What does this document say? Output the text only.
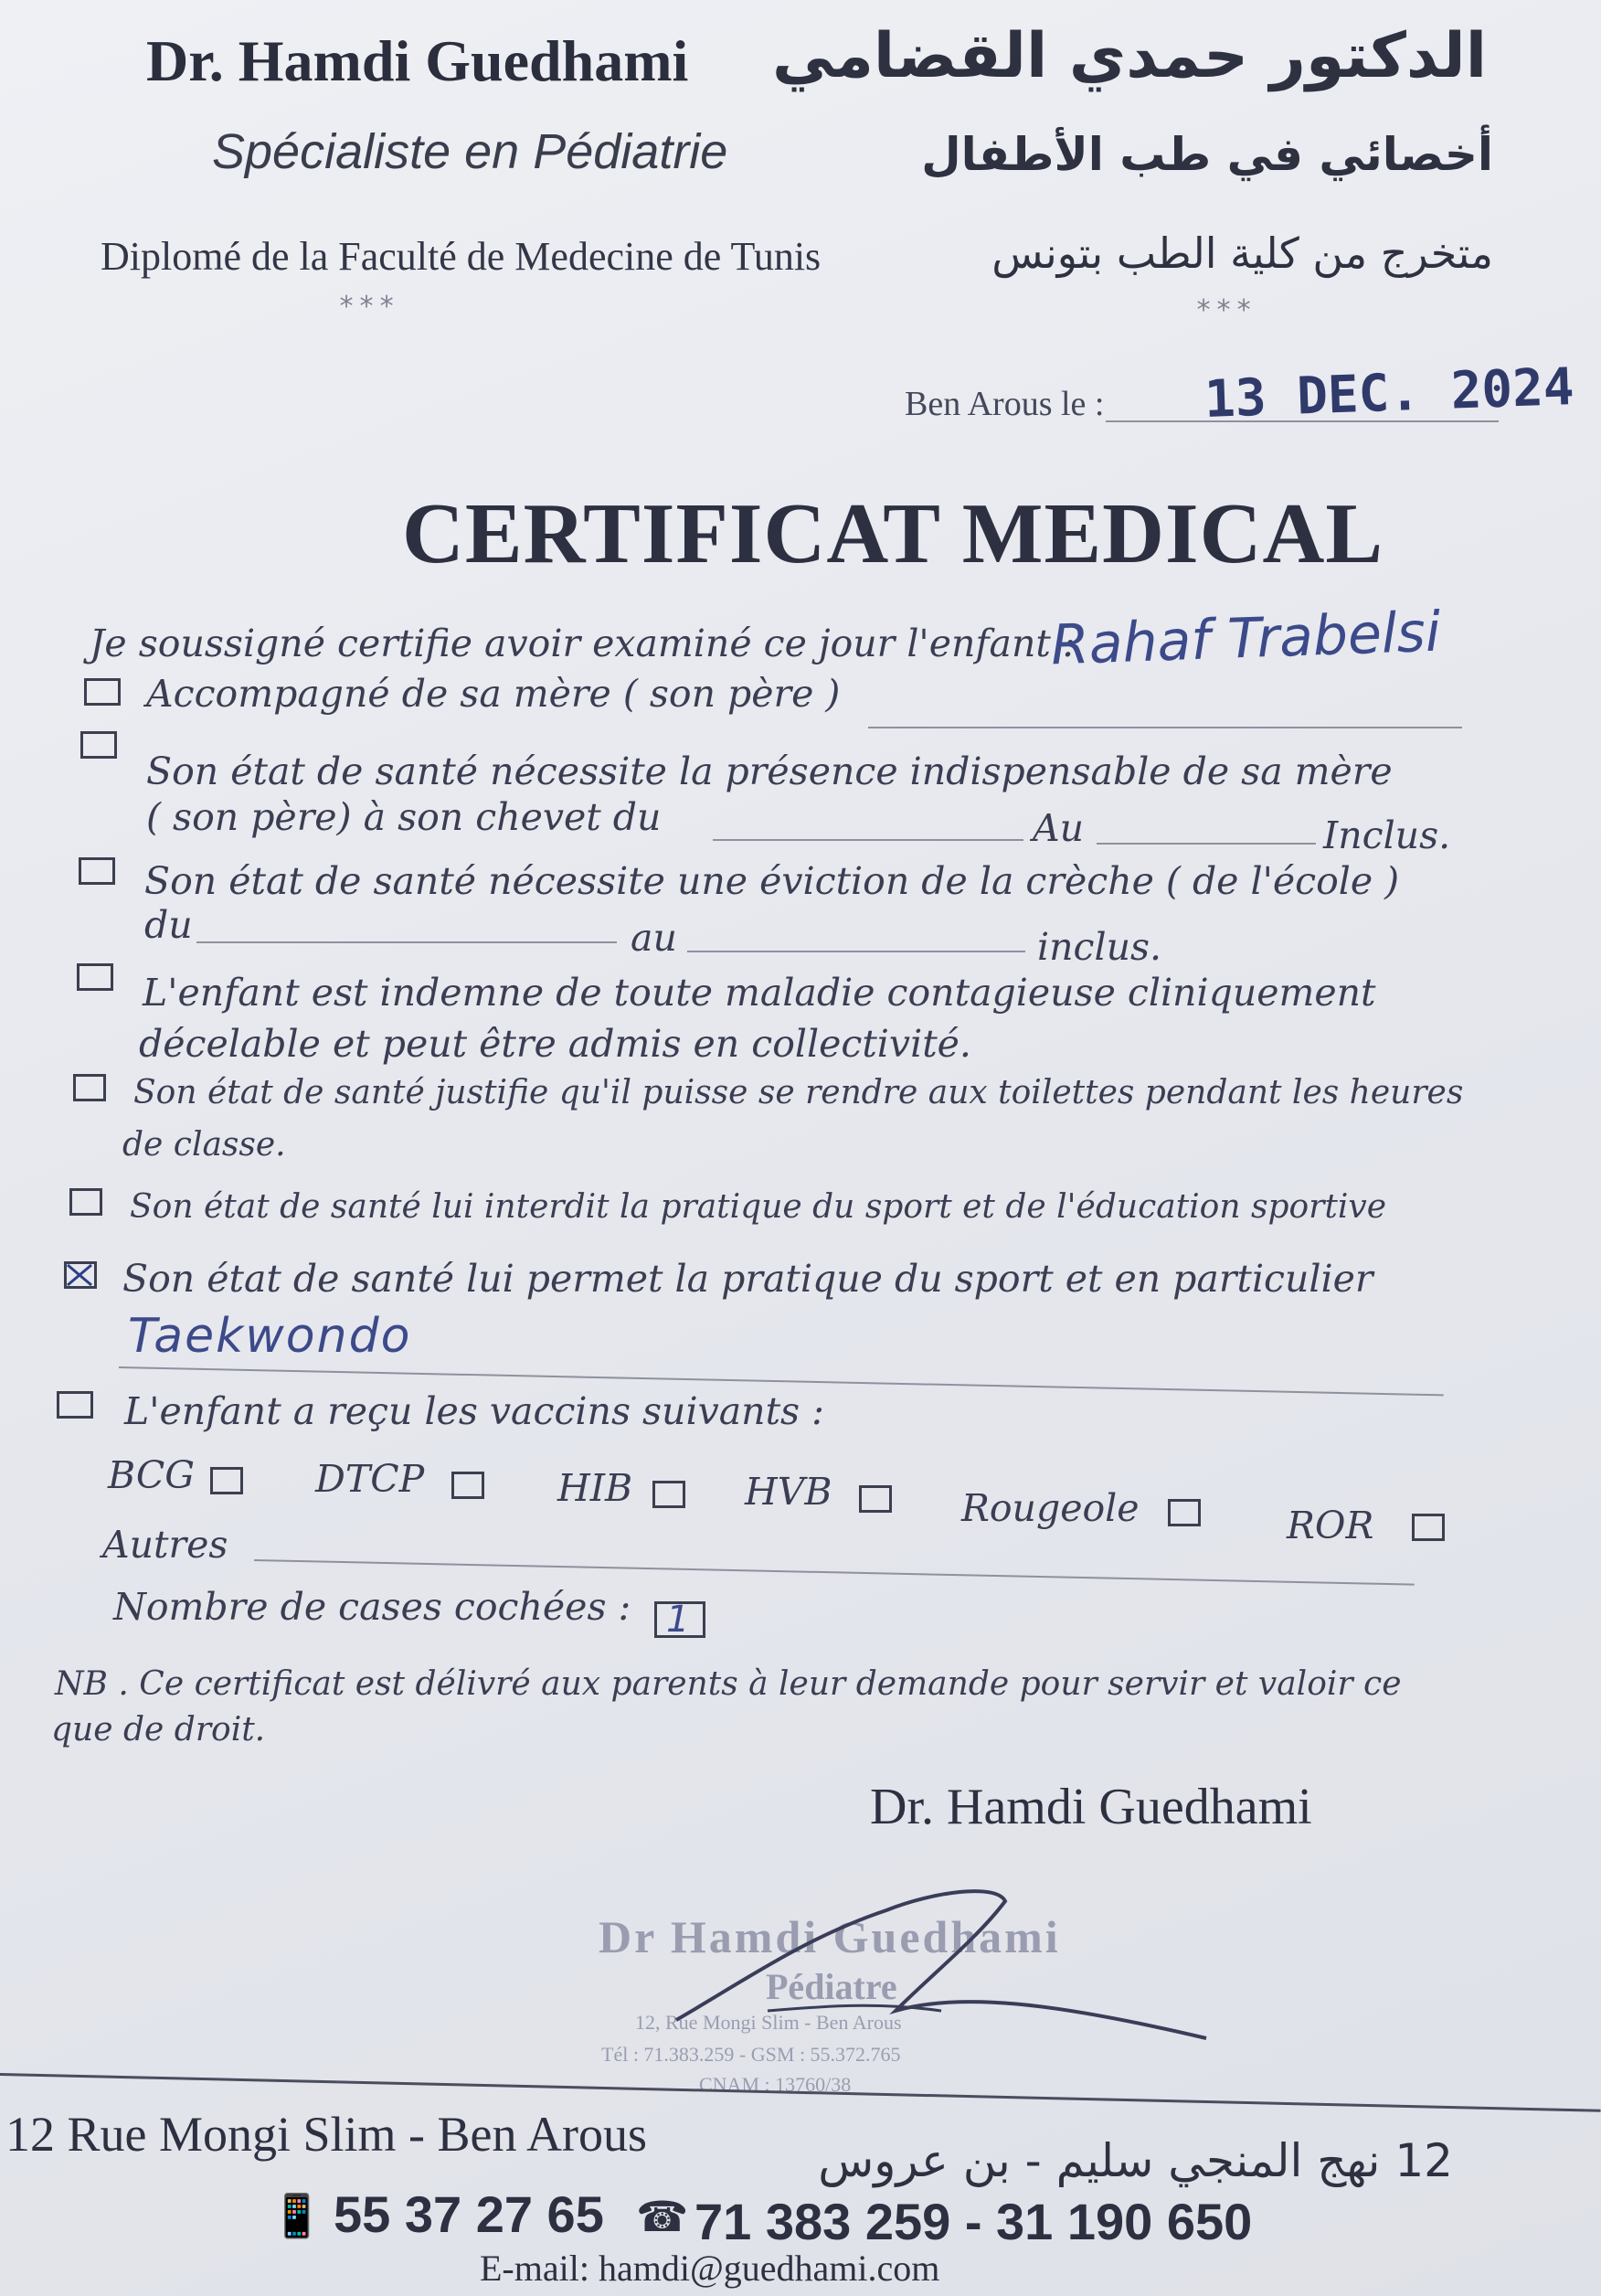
Dr. Hamdi Guedhami
Spécialiste en Pédiatrie
Diplomé de la Faculté de Medecine de Tunis
***
الدكتور حمدي القضامي
أخصائي في طب الأطفال
متخرج من كلية الطب بتونس
***
Ben Arous le : 13 DEC. 2024
CERTIFICAT MEDICAL
Je soussigné certifie avoir examiné ce jour l'enfant :
Rahaf Trabelsi
Accompagné de sa mère ( son père )
Son état de santé nécessite la présence indispensable de sa mère
( son père) à son chevet du	Au	Inclus.
Son état de santé nécessite une éviction de la crèche ( de l'école )
du	au	inclus.
L'enfant est indemne de toute maladie contagieuse cliniquement
décelable et peut être admis en collectivité.
Son état de santé justifie qu'il puisse se rendre aux toilettes pendant les heures
de classe.
Son état de santé lui interdit la pratique du sport et de l'éducation sportive
Son état de santé lui permet la pratique du sport et en particulier
Taekwondo
L'enfant a reçu les vaccins suivants :
BCG	DTCP	HIB	HVB	Rougeole	ROR
Autres
Nombre de cases cochées : 1
NB . Ce certificat est délivré aux parents à leur demande pour servir et valoir ce
que de droit.
Dr. Hamdi Guedhami
Dr Hamdi Guedhami
Pédiatre
12, Rue Mongi Slim - Ben Arous
Tél : 71.383.259 - GSM : 55.372.765
CNAM : 13760/38
12 Rue Mongi Slim - Ben Arous	12 نهج المنجي سليم - بن عروس
📱 55 37 27 65 ☎ 71 383 259 - 31 190 650
E-mail: hamdi@guedhami.com
